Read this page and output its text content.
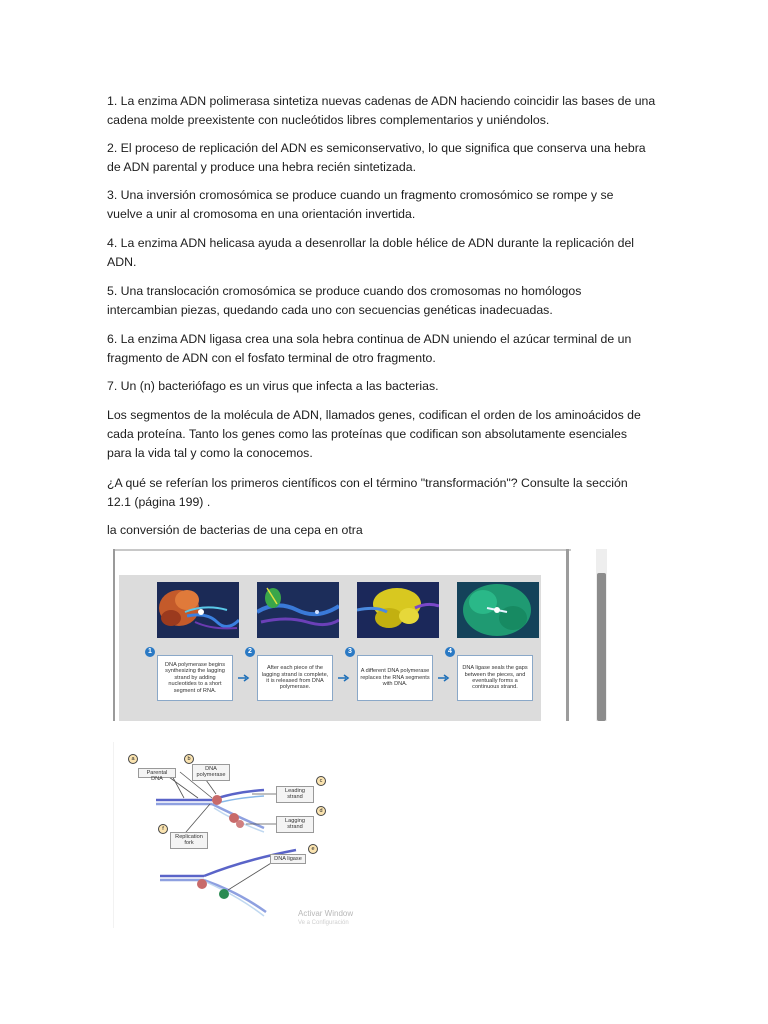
1. La enzima ADN polimerasa sintetiza nuevas cadenas de ADN haciendo coincidir las bases de una
cadena molde preexistente con nucleótidos libres complementarios y uniéndolos.

2. El proceso de replicación del ADN es semiconservativo, lo que significa que conserva una hebra
de ADN parental y produce una hebra recién sintetizada.

3. Una inversión cromosómica se produce cuando un fragmento cromosómico se rompe y se
vuelve a unir al cromosoma en una orientación invertida.

4. La enzima ADN helicasa ayuda a desenrollar la doble hélice de ADN durante la replicación del
ADN.

5. Una translocación cromosómica se produce cuando dos cromosomas no homólogos
intercambian piezas, quedando cada uno con secuencias genéticas inadecuadas.

6. La enzima ADN ligasa crea una sola hebra continua de ADN uniendo el azúcar terminal de un
fragmento de ADN con el fosfato terminal de otro fragmento.

7. Un (n) bacteriófago es un virus que infecta a las bacterias.

Los segmentos de la molécula de ADN, llamados genes, codifican el orden de los aminoácidos de
cada proteína. Tanto los genes como las proteínas que codifican son absolutamente esenciales
para la vida tal y como la conocemos.

¿A qué se referían los primeros científicos con el término "transformación"? Consulte la sección
12.1 (página 199) .

la conversión de bacterias de una cepa en otra

1	2	3	4
DNA polymerase begins synthesizing the lagging strand by adding nucleotides to a short segment of RNA.
After each piece of the lagging strand is complete, it is released from DNA polymerase.
A different DNA polymerase replaces the RNA segments with DNA.
DNA ligase seals the gaps between the pieces, and eventually forms a continuous strand.
a	b
c
d
e
f
Parental DNA
DNA polymerase
Leading strand
Lagging strand
Replication fork
DNA ligase
Activar Window
Ve a Configuración
